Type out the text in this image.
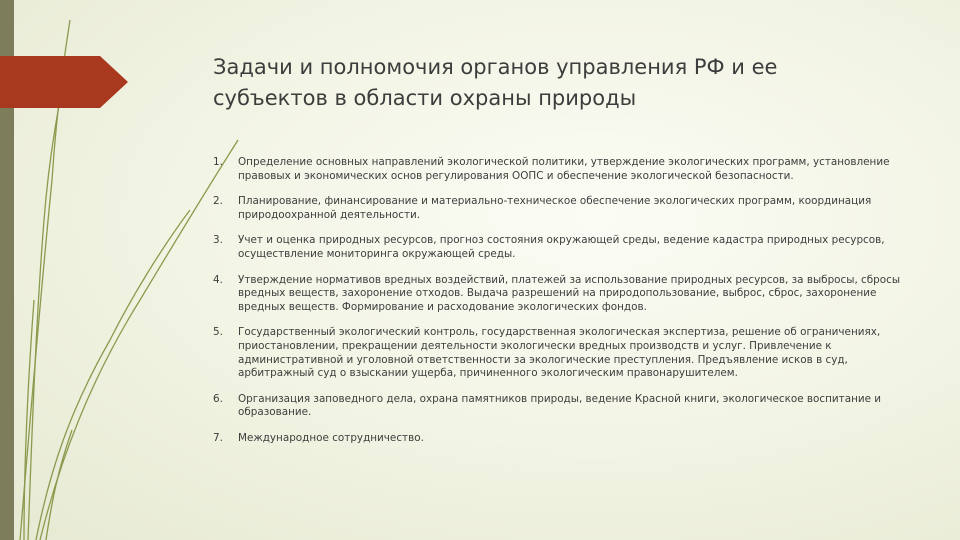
Задачи и полномочия органов управления РФ и ее субъектов в области охраны природы
1.	Определение основных направлений экологической политики, утверждение экологических программ, установление правовых и экономических основ регулирования ООПС и обеспечение экологической безопасности.
2.	Планирование, финансирование и материально-техническое обеспечение экологических программ, координация природоохранной деятельности.
3.	Учет и оценка природных ресурсов, прогноз состояния окружающей среды, ведение кадастра природных ресурсов, осуществление мониторинга окружающей среды.
4.	Утверждение нормативов вредных воздействий, платежей за использование природных ресурсов, за выбросы, сбросы вредных веществ, захоронение отходов. Выдача разрешений на природопользование, выброс, сброс, захоронение вредных веществ. Формирование и расходование экологических фондов.
5.	Государственный экологический контроль, государственная экологическая экспертиза, решение об ограничениях, приостановлении, прекращении деятельности экологически вредных производств и услуг. Привлечение к административной и уголовной ответственности за экологические преступления. Предъявление исков в суд, арбитражный суд о взыскании ущерба, причиненного экологическим правонарушителем.
6.	Организация заповедного дела, охрана памятников природы, ведение Красной книги, экологическое воспитание и образование.
7.	Международное сотрудничество.
